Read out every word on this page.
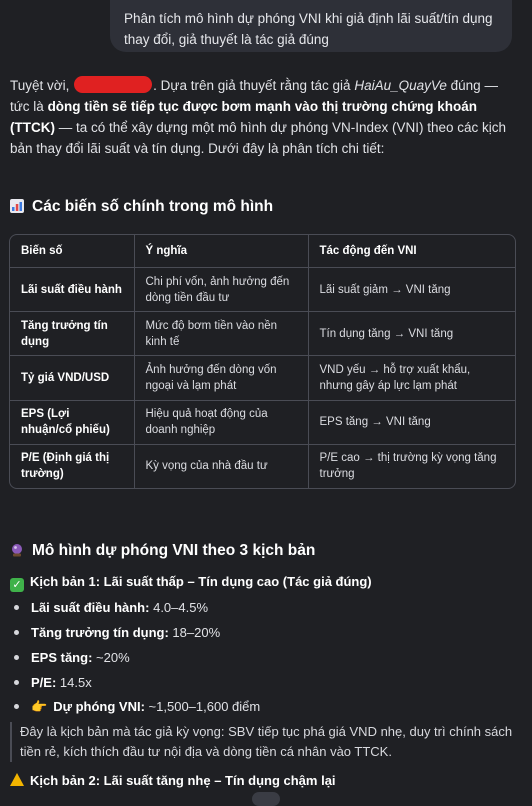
Phân tích mô hình dự phóng VNI khi giả định lãi suất/tín dụng thay đổi, giả thuyết là tác giả đúng
Tuyệt vời,	. Dựa trên giả thuyết rằng tác giả HaiAu_QuayVe đúng — tức là dòng tiền sẽ tiếp tục được bơm mạnh vào thị trường chứng khoán (TTCK) — ta có thể xây dựng một mô hình dự phóng VN-Index (VNI) theo các kịch bản thay đổi lãi suất và tín dụng. Dưới đây là phân tích chi tiết:
Các biến số chính trong mô hình
Biến số	Ý nghĩa	Tác động đến VNI
Lãi suất điều hành	Chi phí vốn, ảnh hưởng đến dòng tiền đầu tư	Lãi suất giảm → VNI tăng
Tăng trưởng tín dụng	Mức độ bơm tiền vào nền kinh tế	Tín dụng tăng → VNI tăng
Tỷ giá VND/USD	Ảnh hưởng đến dòng vốn ngoại và lạm phát	VND yếu → hỗ trợ xuất khẩu, nhưng gây áp lực lạm phát
EPS (Lợi nhuận/cổ phiếu)	Hiệu quả hoạt động của doanh nghiệp	EPS tăng → VNI tăng
P/E (Định giá thị trường)	Kỳ vọng của nhà đầu tư	P/E cao → thị trường kỳ vọng tăng trưởng
Mô hình dự phóng VNI theo 3 kịch bản
✓ Kịch bản 1: Lãi suất thấp – Tín dụng cao (Tác giả đúng)
Lãi suất điều hành: 4.0–4.5%
Tăng trưởng tín dụng: 18–20%
EPS tăng: ~20%
P/E: 14.5x
👉 Dự phóng VNI: ~1,500–1,600 điểm
Đây là kịch bản mà tác giả kỳ vọng: SBV tiếp tục phá giá VND nhẹ, duy trì chính sách tiền rẻ, kích thích đầu tư nội địa và dòng tiền cá nhân vào TTCK.
Kịch bản 2: Lãi suất tăng nhẹ – Tín dụng chậm lại
